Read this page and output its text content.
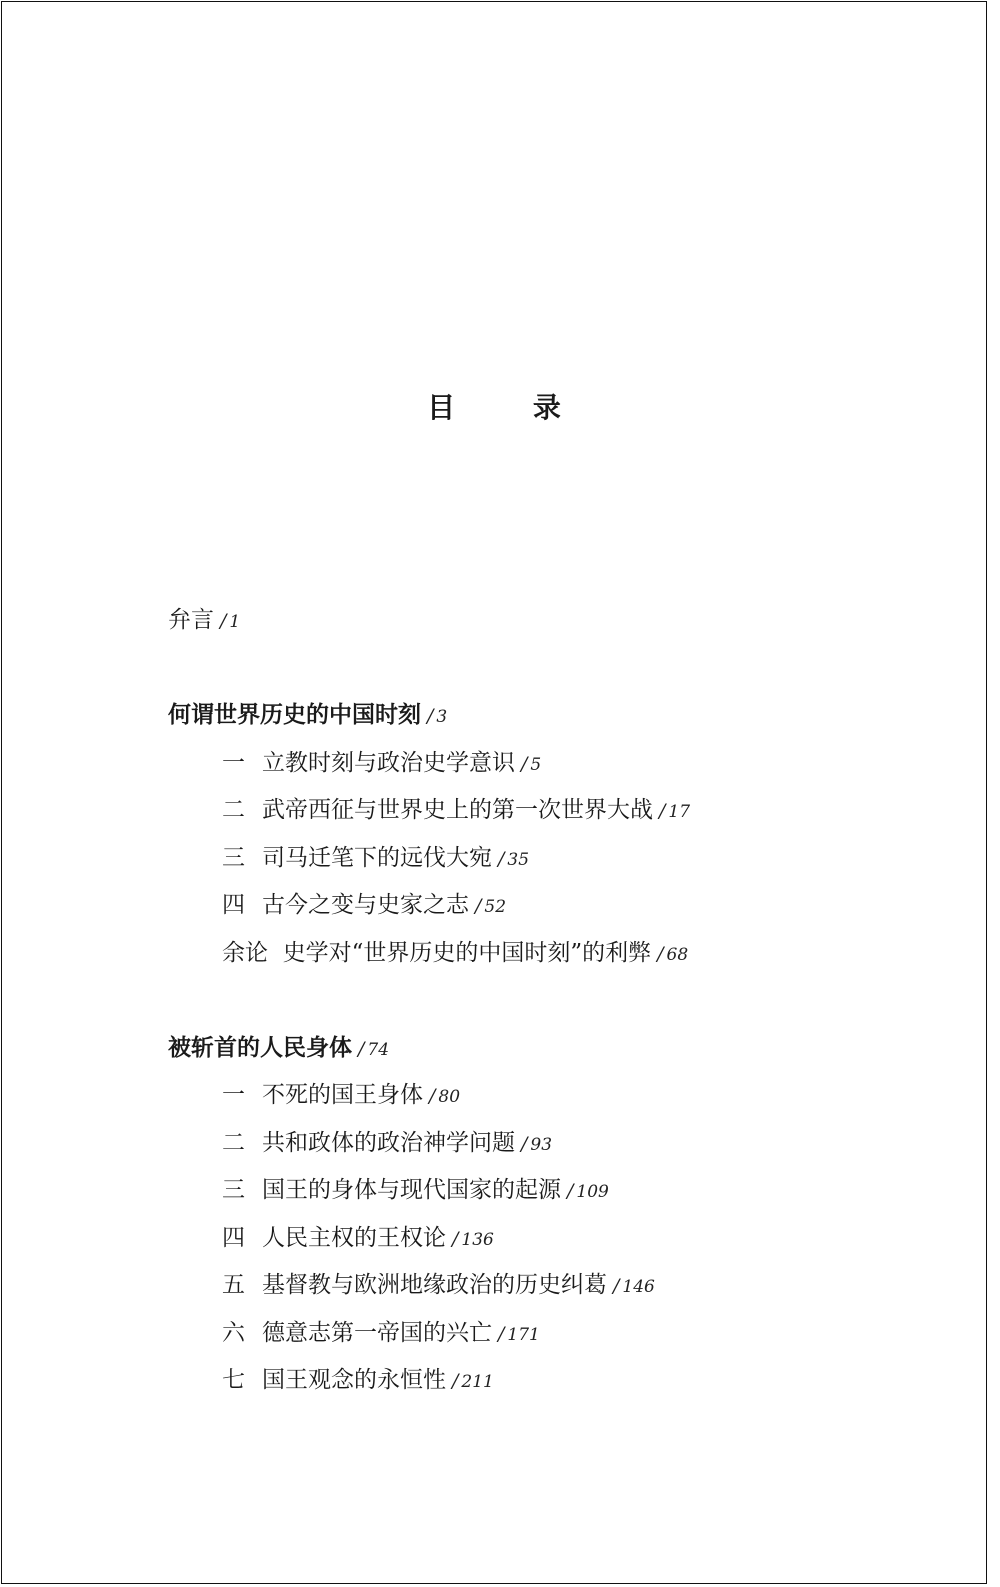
目 录
弁言 / 1
何谓世界历史的中国时刻 / 3
一 立教时刻与政治史学意识 / 5
二 武帝西征与世界史上的第一次世界大战 / 17
三 司马迁笔下的远伐大宛 / 35
四 古今之变与史家之志 / 52
余论  史学对“世界历史的中国时刻”的利弊 / 68
被斩首的人民身体 / 74
一 不死的国王身体 / 80
二 共和政体的政治神学问题 / 93
三 国王的身体与现代国家的起源 / 109
四 人民主权的王权论 / 136
五 基督教与欧洲地缘政治的历史纠葛 / 146
六 德意志第一帝国的兴亡 / 171
七 国王观念的永恒性 / 211
